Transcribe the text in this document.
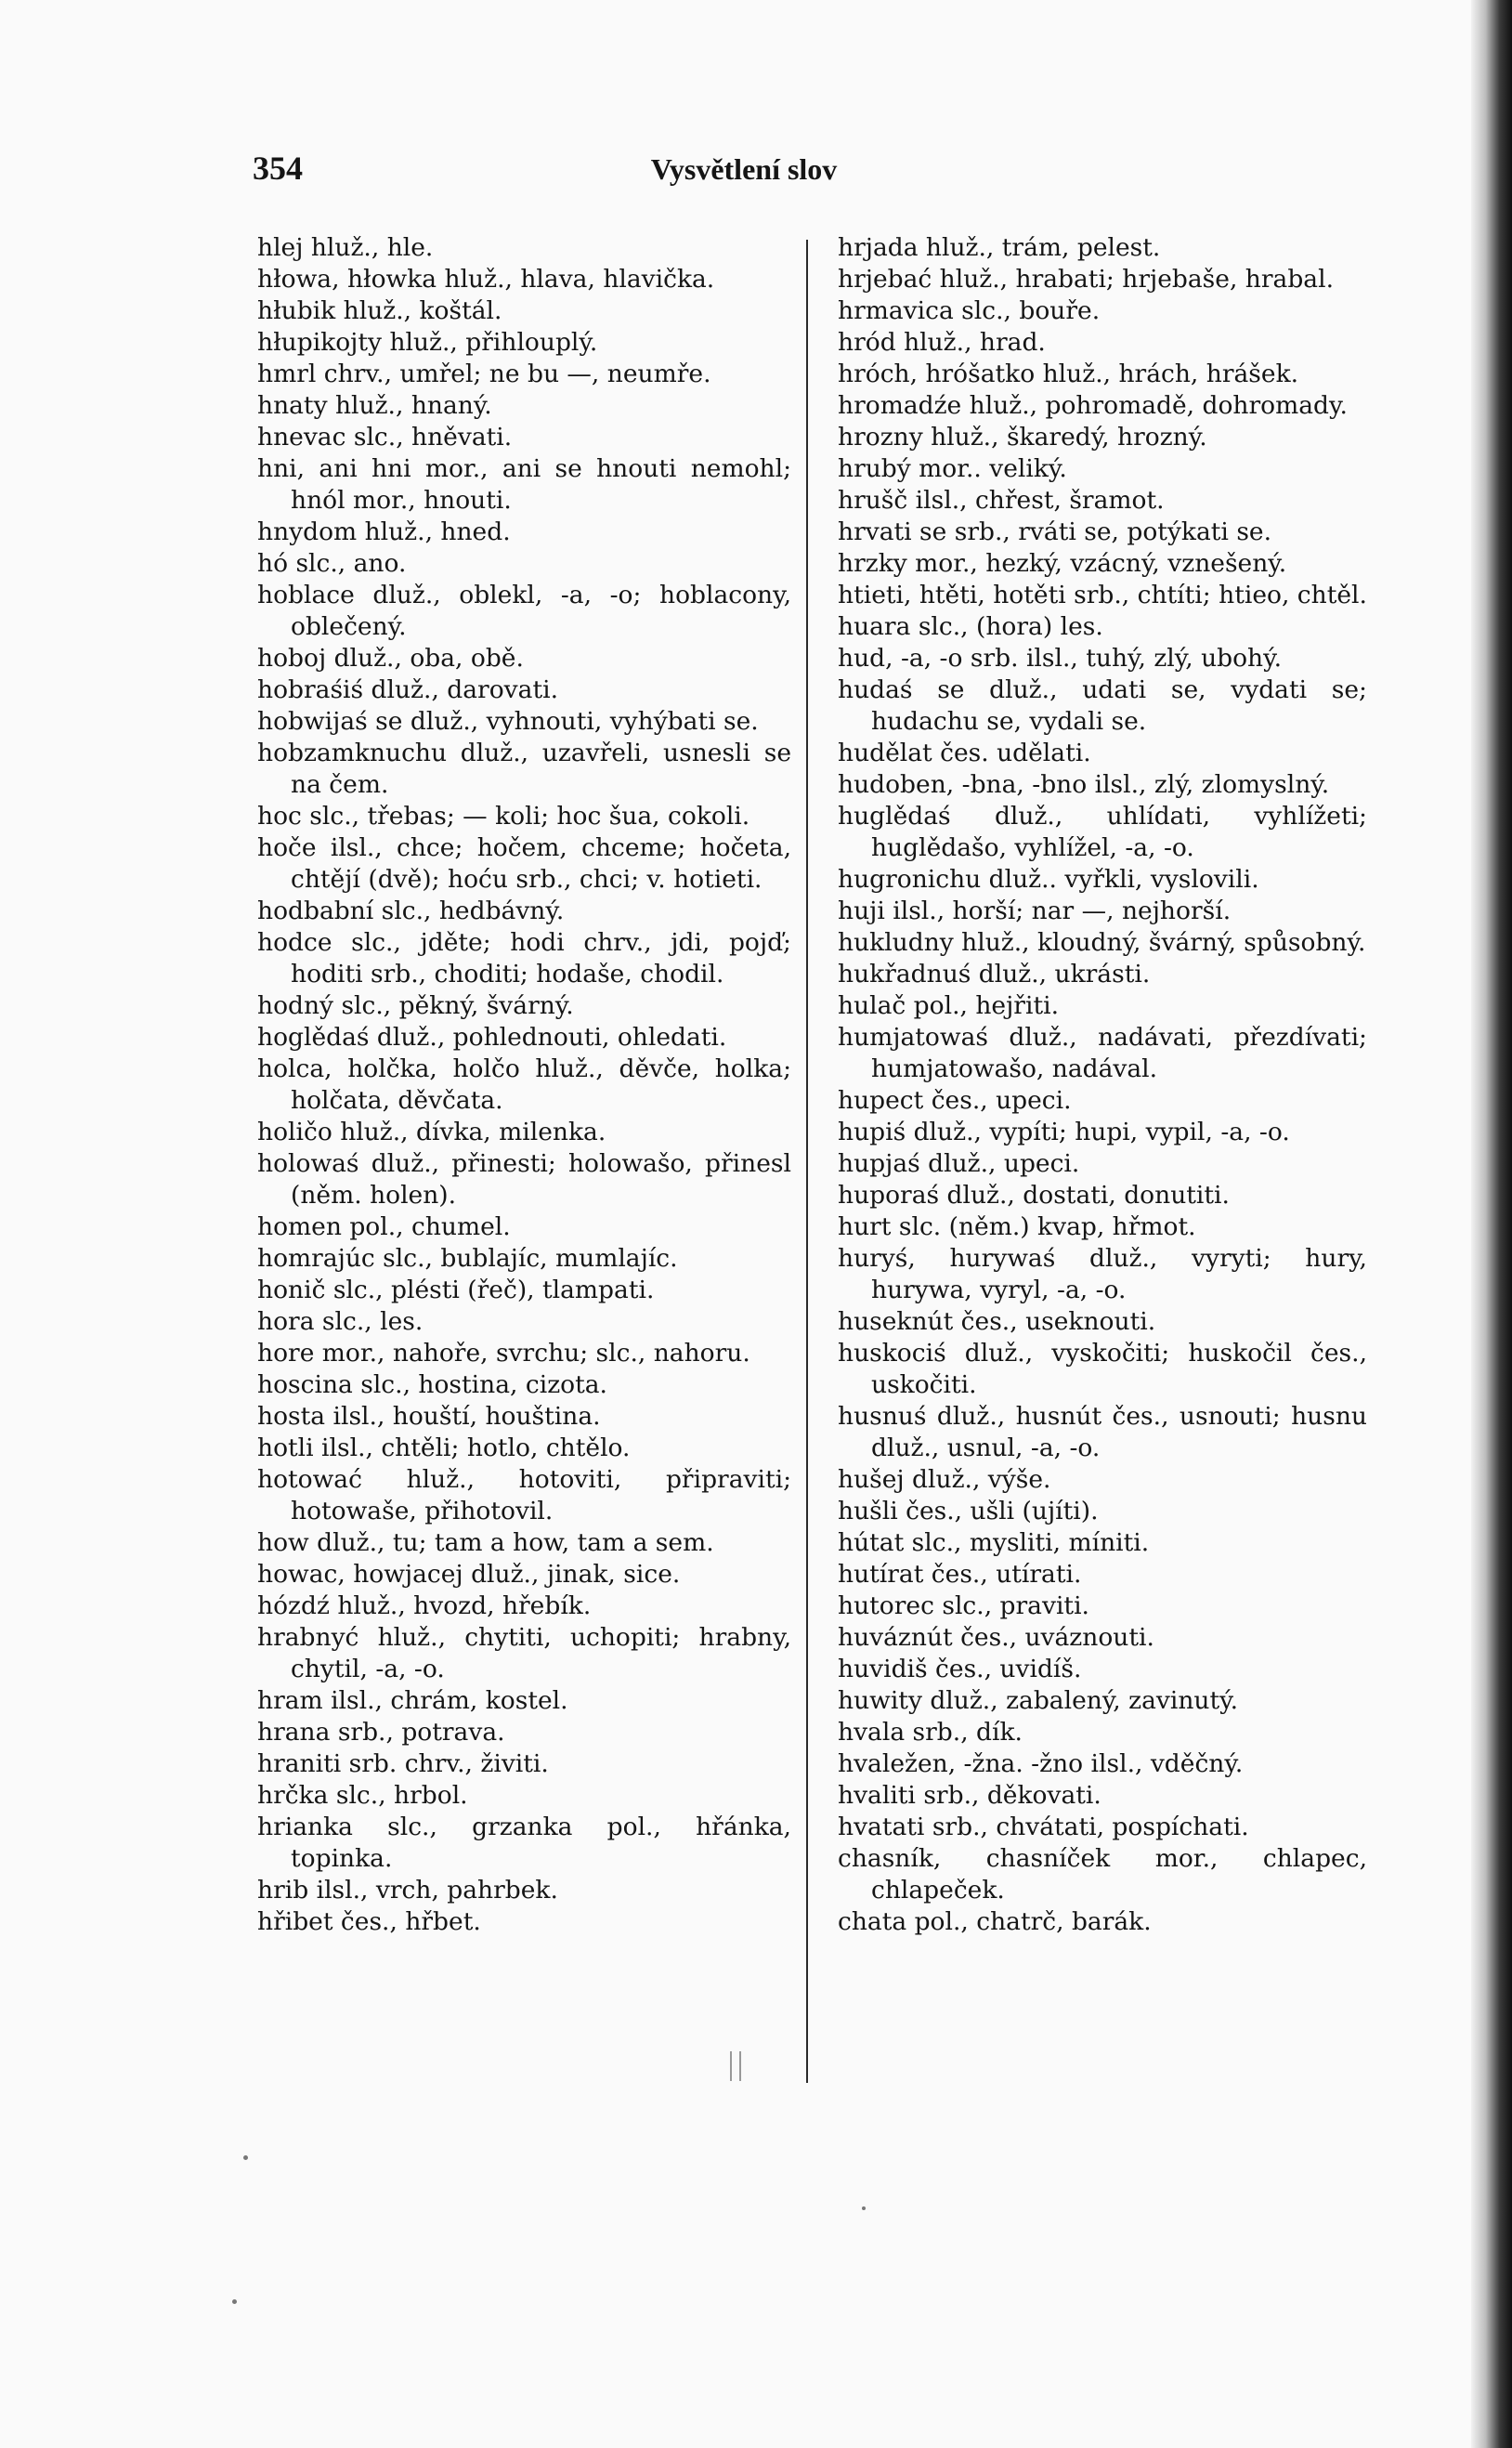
354	Vysvětlení slov
hlej hluž., hle.
hłowa, hłowka hluž., hlava, hlavička.
hłubik hluž., koštál.
hłupikojty hluž., přihlouplý.
hmrl chrv., umřel; ne bu —, neumře.
hnaty hluž., hnaný.
hnevac slc., hněvati.
hni, ani hni mor., ani se hnouti nemohl; hnól mor., hnouti.
hnydom hluž., hned.
hó slc., ano.
hoblace dluž., oblekl, -a, -o; hoblacony, oblečený.
hoboj dluž., oba, obě.
hobraśiś dluž., darovati.
hobwijaś se dluž., vyhnouti, vyhýbati se.
hobzamknuchu dluž., uzavřeli, usnesli se na čem.
hoc slc., třebas; — koli; hoc šua, cokoli.
hoče ilsl., chce; hočem, chceme; hočeta, chtějí (dvě); hoću srb., chci; v. hotieti.
hodbabní slc., hedbávný.
hodce slc., jděte; hodi chrv., jdi, pojď; hoditi srb., choditi; hodaše, chodil.
hodný slc., pěkný, švárný.
hoglědaś dluž., pohlednouti, ohledati.
holca, holčka, holčo hluž., děvče, holka; holčata, děvčata.
holičo hluž., dívka, milenka.
holowaś dluž., přinesti; holowašo, přinesl (něm. holen).
homen pol., chumel.
homrajúc slc., bublajíc, mumlajíc.
honič slc., plésti (řeč), tlampati.
hora slc., les.
hore mor., nahoře, svrchu; slc., nahoru.
hoscina slc., hostina, cizota.
hosta ilsl., houští, houština.
hotli ilsl., chtěli; hotlo, chtělo.
hotować hluž., hotoviti, připraviti; hotowaše, přihotovil.
how dluž., tu; tam a how, tam a sem.
howac, howjacej dluž., jinak, sice.
hózdź hluž., hvozd, hřebík.
hrabnyć hluž., chytiti, uchopiti; hrabny, chytil, -a, -o.
hram ilsl., chrám, kostel.
hrana srb., potrava.
hraniti srb. chrv., živiti.
hrčka slc., hrbol.
hrianka slc., grzanka pol., hřánka, topinka.
hrib ilsl., vrch, pahrbek.
hřibet čes., hřbet.
hrjada hluž., trám, pelest.
hrjebać hluž., hrabati; hrjebaše, hrabal.
hrmavica slc., bouře.
hród hluž., hrad.
hróch, hróšatko hluž., hrách, hrášek.
hromadźe hluž., pohromadě, dohromady.
hrozny hluž., škaredý, hrozný.
hrubý mor.. veliký.
hrušč ilsl., chřest, šramot.
hrvati se srb., rváti se, potýkati se.
hrzky mor., hezký, vzácný, vznešený.
htieti, htěti, hotěti srb., chtíti; htieo, chtěl.
huara slc., (hora) les.
hud, -a, -o srb. ilsl., tuhý, zlý, ubohý.
hudaś se dluž., udati se, vydati se; hudachu se, vydali se.
hudělat čes. udělati.
hudoben, -bna, -bno ilsl., zlý, zlomyslný.
huglědaś dluž., uhlídati, vyhlížeti; huglědašo, vyhlížel, -a, -o.
hugronichu dluž.. vyřkli, vyslovili.
huji ilsl., horší; nar —, nejhorší.
hukludny hluž., kloudný, švárný, spůsobný.
hukřadnuś dluž., ukrásti.
hulač pol., hejřiti.
humjatowaś dluž., nadávati, přezdívati; humjatowašo, nadával.
hupect čes., upeci.
hupiś dluž., vypíti; hupi, vypil, -a, -o.
hupjaś dluž., upeci.
huporaś dluž., dostati, donutiti.
hurt slc. (něm.) kvap, hřmot.
huryś, hurywaś dluž., vyryti; hury, hurywa, vyryl, -a, -o.
huseknút čes., useknouti.
huskociś dluž., vyskočiti; huskočil čes., uskočiti.
husnuś dluž., husnút čes., usnouti; husnu dluž., usnul, -a, -o.
hušej dluž., výše.
hušli čes., ušli (ujíti).
hútat slc., mysliti, míniti.
hutírat čes., utírati.
hutorec slc., praviti.
huváznút čes., uváznouti.
huvidiš čes., uvidíš.
huwity dluž., zabalený, zavinutý.
hvala srb., dík.
hvaležen, -žna. -žno ilsl., vděčný.
hvaliti srb., děkovati.
hvatati srb., chvátati, pospíchati.
chasník, chasníček mor., chlapec, chlapeček.
chata pol., chatrč, barák.
